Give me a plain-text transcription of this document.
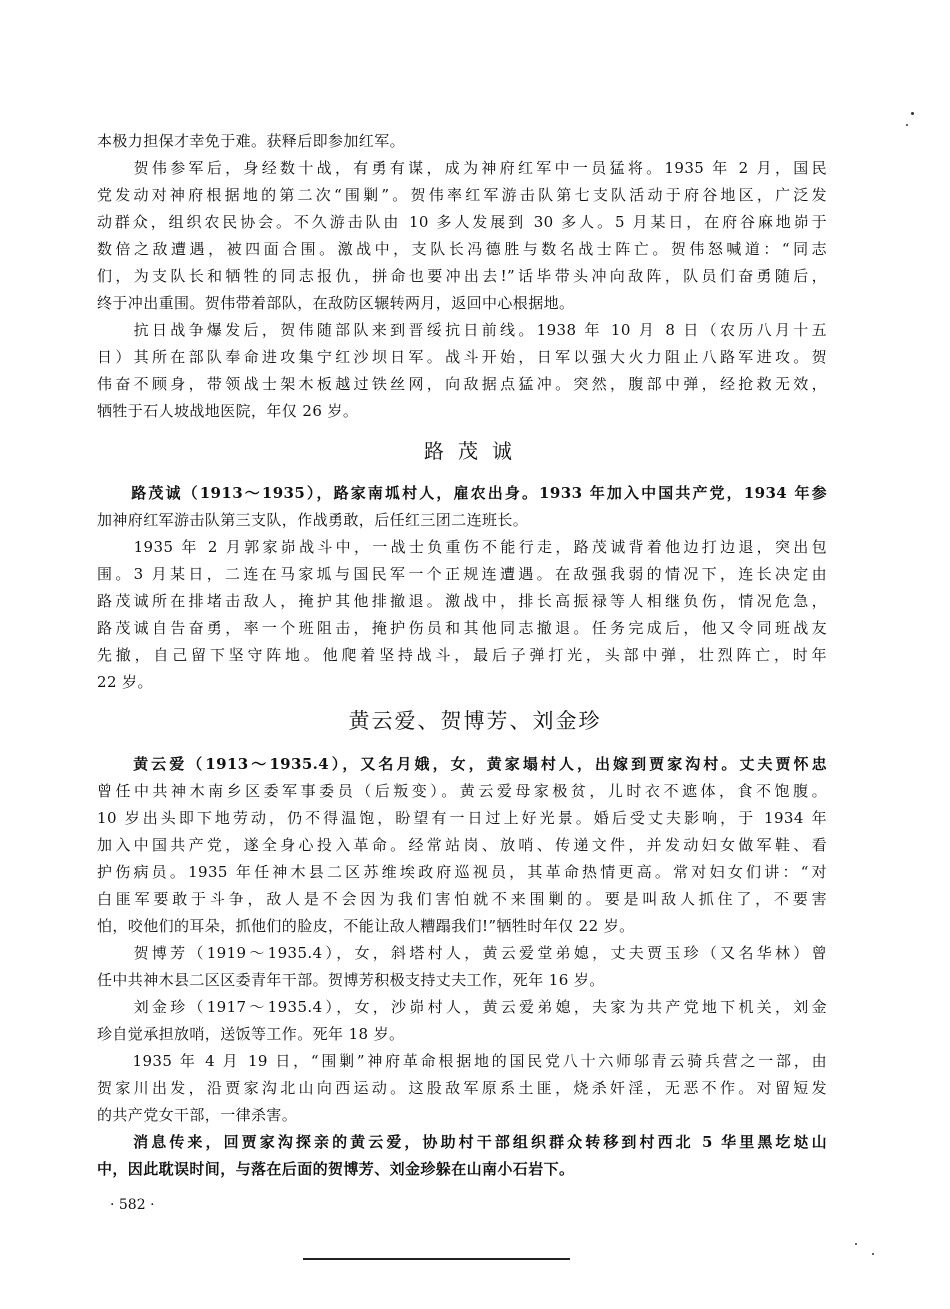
本极力担保才幸免于难。获释后即参加红军。
　　贺伟参军后，身经数十战，有勇有谋，成为神府红军中一员猛将。1935 年 2 月，国民
党发动对神府根据地的第二次“围剿”。贺伟率红军游击队第七支队活动于府谷地区，广泛发
动群众，组织农民协会。不久游击队由 10 多人发展到 30 多人。5 月某日，在府谷麻地峁于
数倍之敌遭遇，被四面合围。激战中，支队长冯德胜与数名战士阵亡。贺伟怒喊道：“同志
们，为支队长和牺牲的同志报仇，拼命也要冲出去!”话毕带头冲向敌阵，队员们奋勇随后，
终于冲出重围。贺伟带着部队，在敌防区辗转两月，返回中心根据地。
　　抗日战争爆发后，贺伟随部队来到晋绥抗日前线。1938 年 10 月 8 日（农历八月十五
日）其所在部队奉命进攻集宁红沙坝日军。战斗开始，日军以强大火力阻止八路军进攻。贺
伟奋不顾身，带领战士架木板越过铁丝网，向敌据点猛冲。突然，腹部中弹，经抢救无效，
牺牲于石人坡战地医院，年仅 26 岁。
路茂诚
　　路茂诚（1913～1935），路家南坬村人，雇农出身。1933 年加入中国共产党，1934 年参
加神府红军游击队第三支队，作战勇敢，后任红三团二连班长。
　　1935 年 2 月郭家峁战斗中，一战士负重伤不能行走，路茂诚背着他边打边退，突出包
围。3 月某日，二连在马家坬与国民军一个正规连遭遇。在敌强我弱的情况下，连长决定由
路茂诚所在排堵击敌人，掩护其他排撤退。激战中，排长高振禄等人相继负伤，情况危急，
路茂诚自告奋勇，率一个班阻击，掩护伤员和其他同志撤退。任务完成后，他又令同班战友
先撤，自己留下坚守阵地。他爬着坚持战斗，最后子弹打光，头部中弹，壮烈阵亡，时年
22 岁。
黄云爱、贺博芳、刘金珍
　　黄云爱（1913～1935.4），又名月娥，女，黄家塌村人，出嫁到贾家沟村。丈夫贾怀忠
曾任中共神木南乡区委军事委员（后叛变）。黄云爱母家极贫，儿时衣不遮体，食不饱腹。
10 岁出头即下地劳动，仍不得温饱，盼望有一日过上好光景。婚后受丈夫影响，于 1934 年
加入中国共产党，遂全身心投入革命。经常站岗、放哨、传递文件，并发动妇女做军鞋、看
护伤病员。1935 年任神木县二区苏维埃政府巡视员，其革命热情更高。常对妇女们讲：“对
白匪军要敢于斗争，敌人是不会因为我们害怕就不来围剿的。要是叫敌人抓住了，不要害
怕，咬他们的耳朵，抓他们的脸皮，不能让敌人糟蹋我们!”牺牲时年仅 22 岁。
　　贺博芳（1919～1935.4），女，斜塔村人，黄云爱堂弟媳，丈夫贾玉珍（又名华林）曾
任中共神木县二区区委青年干部。贺博芳积极支持丈夫工作，死年 16 岁。
　　刘金珍（1917～1935.4），女，沙峁村人，黄云爱弟媳，夫家为共产党地下机关，刘金
珍自觉承担放哨，送饭等工作。死年 18 岁。
　　1935 年 4 月 19 日，“围剿”神府革命根据地的国民党八十六师邬青云骑兵营之一部，由
贺家川出发，沿贾家沟北山向西运动。这股敌军原系土匪，烧杀奸淫，无恶不作。对留短发
的共产党女干部，一律杀害。
　　消息传来，回贾家沟探亲的黄云爱，协助村干部组织群众转移到村西北 5 华里黑圪垯山
中，因此耽误时间，与落在后面的贺博芳、刘金珍躲在山南小石岩下。
· 582 ·
